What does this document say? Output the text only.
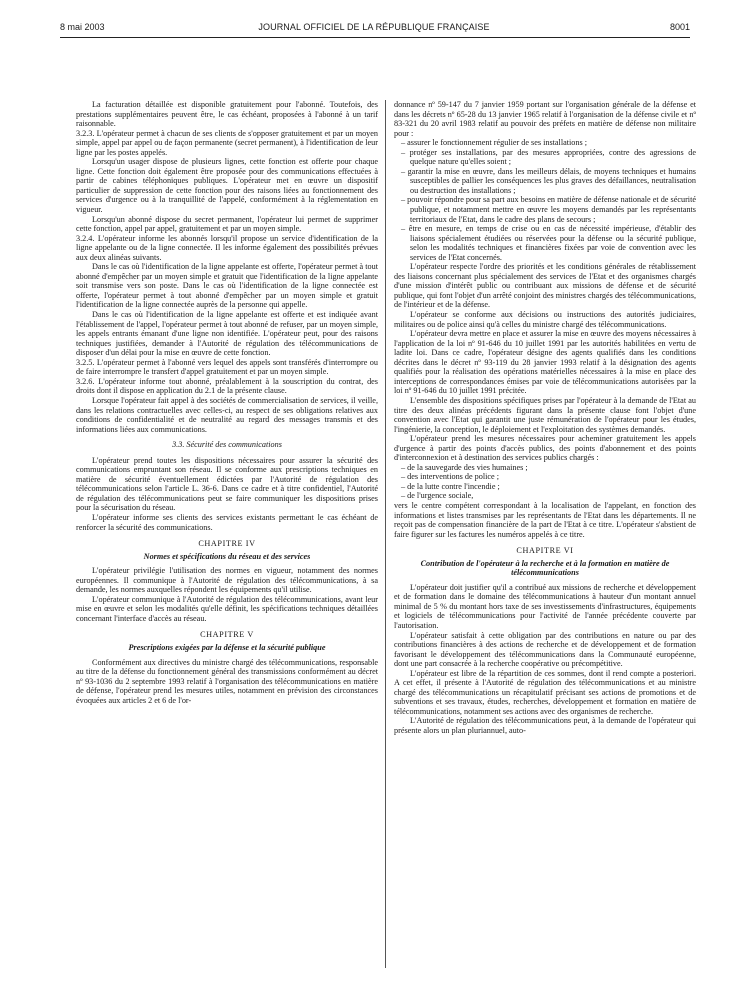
8 mai 2003	JOURNAL OFFICIEL DE LA RÉPUBLIQUE FRANÇAISE	8001

La facturation détaillée est disponible gratuitement pour l'abonné. Toutefois, des prestations supplémentaires peuvent être, le cas échéant, proposées à l'abonné à un tarif raisonnable.

3.2.3. L'opérateur permet à chacun de ses clients de s'opposer gratuitement et par un moyen simple, appel par appel ou de façon permanente (secret permanent), à l'identification de leur ligne par les postes appelés.

Lorsqu'un usager dispose de plusieurs lignes, cette fonction est offerte pour chaque ligne. Cette fonction doit également être proposée pour des communications effectuées à partir de cabines téléphoniques publiques. L'opérateur met en œuvre un dispositif particulier de suppression de cette fonction pour des raisons liées au fonctionnement des services d'urgence ou à la tranquillité de l'appelé, conformément à la réglementation en vigueur.

Lorsqu'un abonné dispose du secret permanent, l'opérateur lui permet de supprimer cette fonction, appel par appel, gratuitement et par un moyen simple.

3.2.4. L'opérateur informe les abonnés lorsqu'il propose un service d'identification de la ligne appelante ou de la ligne connectée. Il les informe également des possibilités prévues aux deux alinéas suivants.

Dans le cas où l'identification de la ligne appelante est offerte, l'opérateur permet à tout abonné d'empêcher par un moyen simple et gratuit que l'identification de la ligne appelante soit transmise vers son poste. Dans le cas où l'identification de la ligne connectée est offerte, l'opérateur permet à tout abonné d'empêcher par un moyen simple et gratuit l'identification de la ligne connectée auprès de la personne qui appelle.

Dans le cas où l'identification de la ligne appelante est offerte et est indiquée avant l'établissement de l'appel, l'opérateur permet à tout abonné de refuser, par un moyen simple, les appels entrants émanant d'une ligne non identifiée. L'opérateur peut, pour des raisons techniques justifiées, demander à l'Autorité de régulation des télécommunications de disposer d'un délai pour la mise en œuvre de cette fonction.

3.2.5. L'opérateur permet à l'abonné vers lequel des appels sont transférés d'interrompre ou de faire interrompre le transfert d'appel gratuitement et par un moyen simple.

3.2.6. L'opérateur informe tout abonné, préalablement à la souscription du contrat, des droits dont il dispose en application du 2.1 de la présente clause.

Lorsque l'opérateur fait appel à des sociétés de commercialisation de services, il veille, dans les relations contractuelles avec celles-ci, au respect de ses obligations relatives aux conditions de confidentialité et de neutralité au regard des messages transmis et des informations liées aux communications.

3.3. Sécurité des communications

L'opérateur prend toutes les dispositions nécessaires pour assurer la sécurité des communications empruntant son réseau. Il se conforme aux prescriptions techniques en matière de sécurité éventuellement édictées par l'Autorité de régulation des télécommunications selon l'article L. 36-6. Dans ce cadre et à titre confidentiel, l'Autorité de régulation des télécommunications peut se faire communiquer les dispositions prises pour la sécurisation du réseau.

L'opérateur informe ses clients des services existants permettant le cas échéant de renforcer la sécurité des communications.

CHAPITRE IV

Normes et spécifications du réseau et des services

L'opérateur privilégie l'utilisation des normes en vigueur, notamment des normes européennes. Il communique à l'Autorité de régulation des télécommunications, à sa demande, les normes auxquelles répondent les équipements qu'il utilise.

L'opérateur communique à l'Autorité de régulation des télécommunications, avant leur mise en œuvre et selon les modalités qu'elle définit, les spécifications techniques détaillées concernant l'interface d'accès au réseau.

CHAPITRE V

Prescriptions exigées par la défense et la sécurité publique

Conformément aux directives du ministre chargé des télécommunications, responsable au titre de la défense du fonctionnement général des transmissions conformément au décret nº 93-1036 du 2 septembre 1993 relatif à l'organisation des télécommunications en matière de défense, l'opérateur prend les mesures utiles, notamment en prévision des circonstances évoquées aux articles 2 et 6 de l'or-

donnance nº 59-147 du 7 janvier 1959 portant sur l'organisation générale de la défense et dans les décrets nº 65-28 du 13 janvier 1965 relatif à l'organisation de la défense civile et nº 83-321 du 20 avril 1983 relatif au pouvoir des préfets en matière de défense non militaire pour :

– assurer le fonctionnement régulier de ses installations ;

– protéger ses installations, par des mesures appropriées, contre des agressions de quelque nature qu'elles soient ;

– garantir la mise en œuvre, dans les meilleurs délais, de moyens techniques et humains susceptibles de pallier les conséquences les plus graves des défaillances, neutralisation ou destruction des installations ;

– pouvoir répondre pour sa part aux besoins en matière de défense nationale et de sécurité publique, et notamment mettre en œuvre les moyens demandés par les représentants territoriaux de l'Etat, dans le cadre des plans de secours ;

– être en mesure, en temps de crise ou en cas de nécessité impérieuse, d'établir des liaisons spécialement étudiées ou réservées pour la défense ou la sécurité publique, selon les modalités techniques et financières fixées par voie de convention avec les services de l'Etat concernés.

L'opérateur respecte l'ordre des priorités et les conditions générales de rétablissement des liaisons concernant plus spécialement des services de l'Etat et des organismes chargés d'une mission d'intérêt public ou contribuant aux missions de défense et de sécurité publique, qui font l'objet d'un arrêté conjoint des ministres chargés des télécommunications, de l'intérieur et de la défense.

L'opérateur se conforme aux décisions ou instructions des autorités judiciaires, militaires ou de police ainsi qu'à celles du ministre chargé des télécommunications.

L'opérateur devra mettre en place et assurer la mise en œuvre des moyens nécessaires à l'application de la loi nº 91-646 du 10 juillet 1991 par les autorités habilitées en vertu de ladite loi. Dans ce cadre, l'opérateur désigne des agents qualifiés dans les conditions décrites dans le décret nº 93-119 du 28 janvier 1993 relatif à la désignation des agents qualifiés pour la réalisation des opérations matérielles nécessaires à la mise en place des interceptions de correspondances émises par voie de télécommunications autorisées par la loi nº 91-646 du 10 juillet 1991 précitée.

L'ensemble des dispositions spécifiques prises par l'opérateur à la demande de l'Etat au titre des deux alinéas précédents figurant dans la présente clause font l'objet d'une convention avec l'Etat qui garantit une juste rémunération de l'opérateur pour les études, l'ingénierie, la conception, le déploiement et l'exploitation des systèmes demandés.

L'opérateur prend les mesures nécessaires pour acheminer gratuitement les appels d'urgence à partir des points d'accès publics, des points d'abonnement et des points d'interconnexion et à destination des services publics chargés :

– de la sauvegarde des vies humaines ;

– des interventions de police ;

– de la lutte contre l'incendie ;

– de l'urgence sociale,

vers le centre compétent correspondant à la localisation de l'appelant, en fonction des informations et listes transmises par les représentants de l'Etat dans les départements. Il ne reçoit pas de compensation financière de la part de l'Etat à ce titre. L'opérateur s'abstient de faire figurer sur les factures les numéros appelés à ce titre.

CHAPITRE VI

Contribution de l'opérateur à la recherche et à la formation en matière de télécommunications

L'opérateur doit justifier qu'il a contribué aux missions de recherche et développement et de formation dans le domaine des télécommunications à hauteur d'un montant annuel minimal de 5 % du montant hors taxe de ses investissements d'infrastructures, équipements et logiciels de télécommunications pour l'activité de l'année précédente couverte par l'autorisation.

L'opérateur satisfait à cette obligation par des contributions en nature ou par des contributions financières à des actions de recherche et de développement et de formation favorisant le développement des télécommunications dans la Communauté européenne, dont une part consacrée à la recherche coopérative ou précompétitive.

L'opérateur est libre de la répartition de ces sommes, dont il rend compte a posteriori. A cet effet, il présente à l'Autorité de régulation des télécommunications et au ministre chargé des télécommunications un récapitulatif précisant ses actions de promotions et de subventions et ses travaux, études, recherches, développement et formation en matière de télécommunications, notamment ses actions avec des organismes de recherche.

L'Autorité de régulation des télécommunications peut, à la demande de l'opérateur qui présente alors un plan pluriannuel, auto-
